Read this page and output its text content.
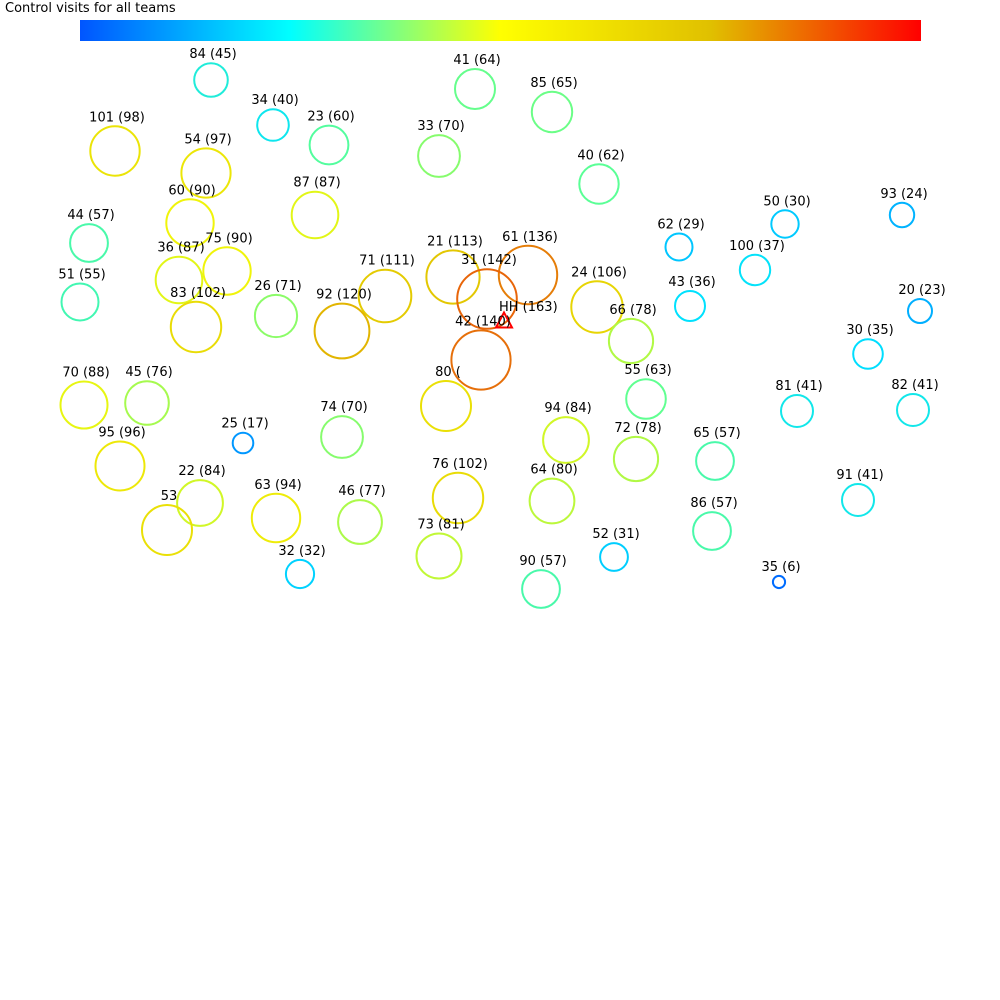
Control visits for all teams
84 (45)
34 (40)
23 (60)
41 (64)
85 (65)
33 (70)
40 (62)
101 (98)
54 (97)
87 (87)
60 (90)
44 (57)
50 (30)
93 (24)
62 (29)
100 (37)
75 (90)
36 (87)	21 (113) 61 (136)
71 (111)	31 (142)
51 (55)	24 (106)
43 (36)
20 (23)
26 (71)
83 (102)	92 (120)
66 (78)
30 (35)
42 (140)
55 (63)
70 (88) 45 (76)	80 (
81 (41)	82 (41)
25 (17)
74 (70)	94 (84)
72 (78) 65 (57)
95 (96)
22 (84)
53
63 (94)	46 (77)
76 (102)	64 (80)	91 (41)
86 (57)
73 (81)
52 (31)
32 (32)
90 (57)	35 (6)
HH (163)
